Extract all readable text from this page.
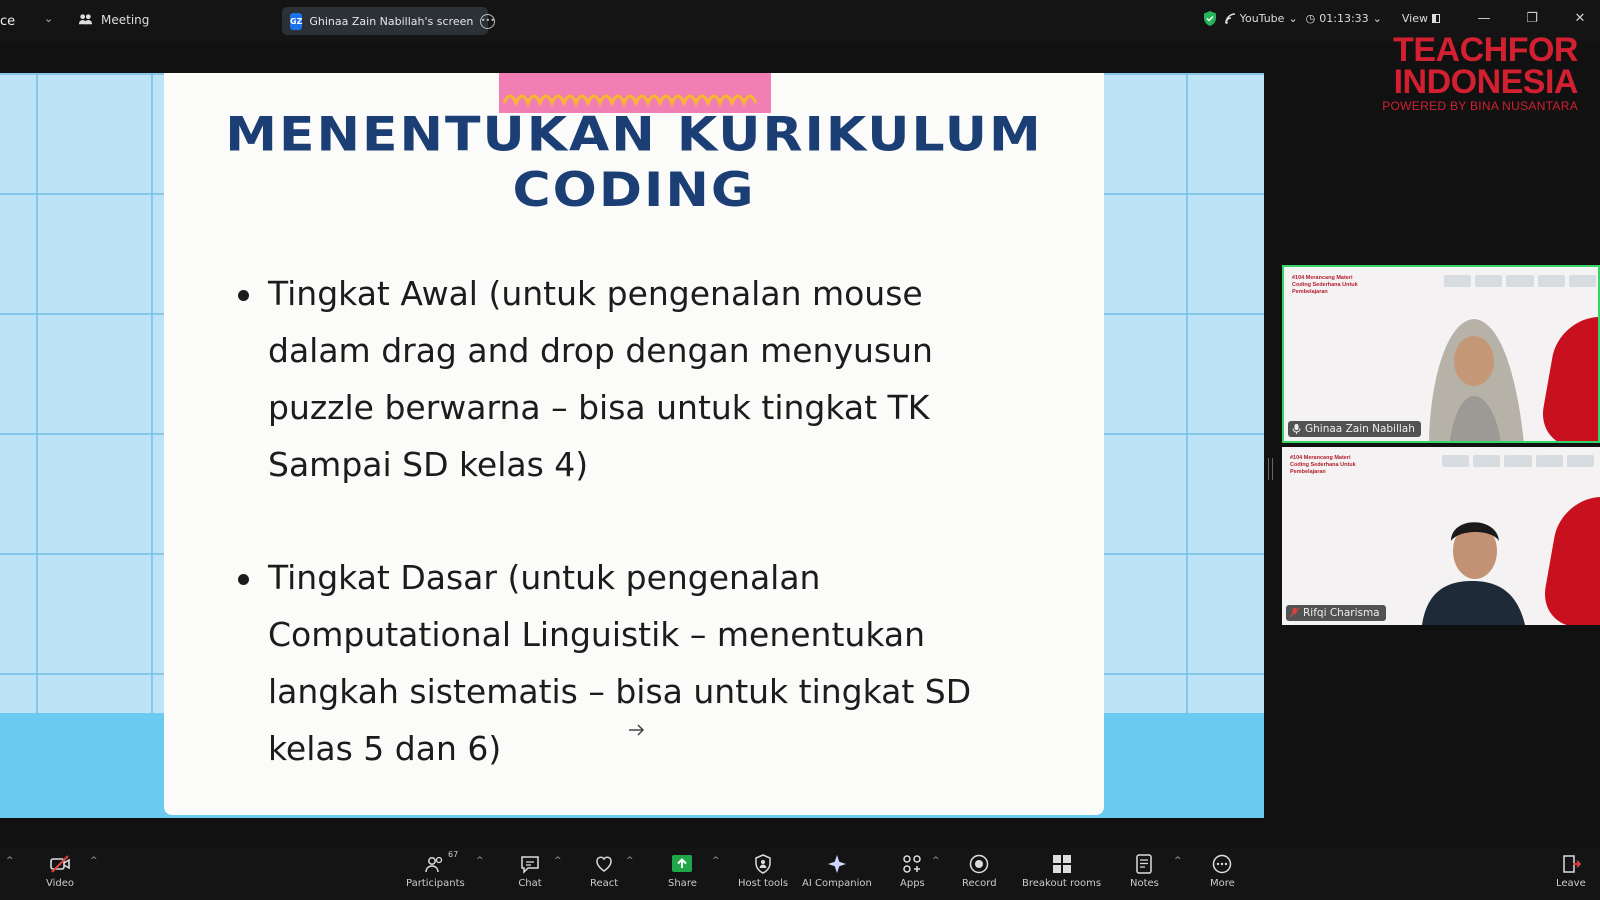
ce	⌄	Meeting	GZ Ghinaa Zain Nabillah's screen •••	YouTube ⌄ ◷ 01:13:33 ⌄ View	—	❐	✕
MENENTUKAN KURIKULUM
CODING
Tingkat Awal (untuk pengenalan mouse dalam drag and drop dengan menyusun puzzle berwarna – bisa untuk tingkat TK Sampai SD kelas 4)
Tingkat Dasar (untuk pengenalan Computational Linguistik – menentukan langkah sistematis – bisa untuk tingkat SD kelas 5 dan 6)
TEACHFOR
INDONESIA
POWERED BY BINA NUSANTARA
#104 Merancang Materi Coding Sederhana Untuk Pembelajaran
Ghinaa Zain Nabillah
#104 Merancang Materi Coding Sederhana Untuk Pembelajaran
Rifqi Charisma
^
Video
^
Participants
67
^
Chat
^
React
^
Share
^
Host tools AI Companion	Apps
^
Record	Breakout rooms	Notes
^
More	Leave
